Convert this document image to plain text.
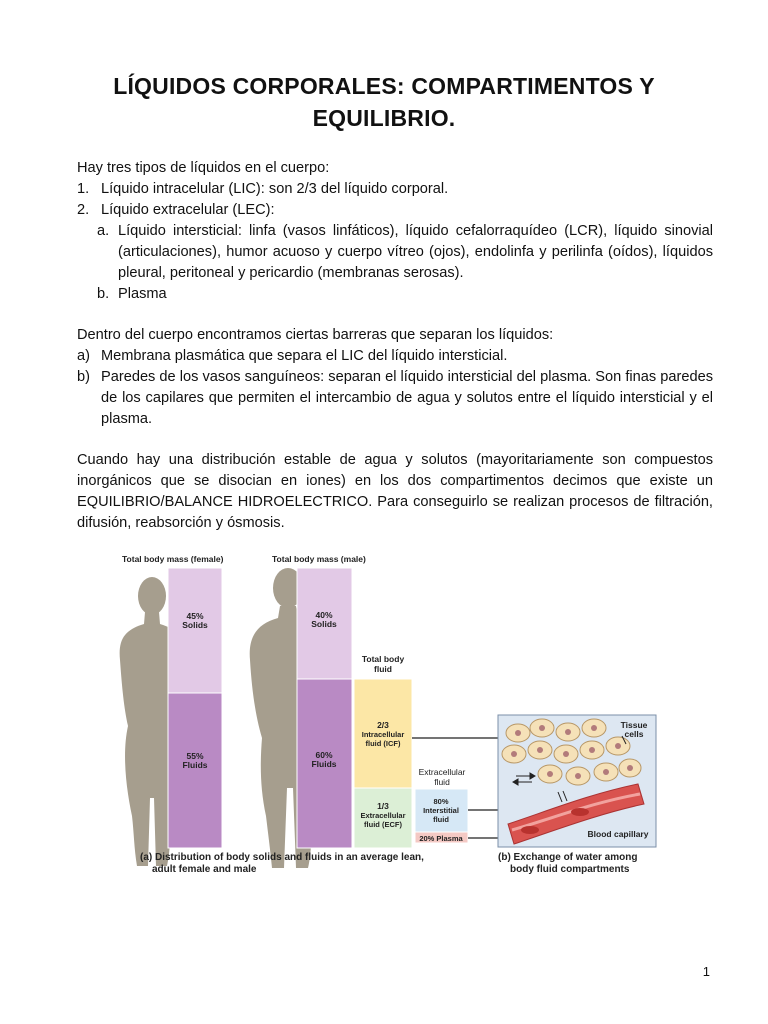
LÍQUIDOS CORPORALES: COMPARTIMENTOS Y EQUILIBRIO.

Hay tres tipos de líquidos en el cuerpo:

1. Líquido intracelular (LIC): son 2/3 del líquido corporal.
2. Líquido extracelular (LEC):
a. Líquido intersticial: linfa (vasos linfáticos), líquido cefalorraquídeo (LCR), líquido sinovial (articulaciones), humor acuoso y cuerpo vítreo (ojos), endolinfa y perilinfa (oídos), líquidos pleural, peritoneal y pericardio (membranas serosas).
b. Plasma

Dentro del cuerpo encontramos ciertas barreras que separan los líquidos:

a) Membrana plasmática que separa el LIC del líquido intersticial.
b) Paredes de los vasos sanguíneos: separan el líquido intersticial del plasma. Son finas paredes de los capilares que permiten el intercambio de agua y solutos entre el líquido intersticial y el plasma.

Cuando hay una distribución estable de agua y solutos (mayoritariamente son compuestos inorgánicos que se disocian en iones) en los dos compartimentos decimos que existe un EQUILIBRIO/BALANCE HIDROELECTRICO. Para conseguirlo se realizan procesos de filtración, difusión, reabsorción y ósmosis.

Total body mass (female)	Total body mass (male)
45%
Solids
55%
Fluids
40%
Solids
60%
Fluids
Total body
fluid
2/3
Intracellular
fluid (ICF)
1/3
Extracellular
fluid (ECF)
Extracellular
fluid
80%
Interstitial
fluid
20% Plasma
Tissue
cells
Blood capillary
(a) Distribution of body solids and fluids in an average lean,
adult female and male
(b) Exchange of water among
body fluid compartments
1
